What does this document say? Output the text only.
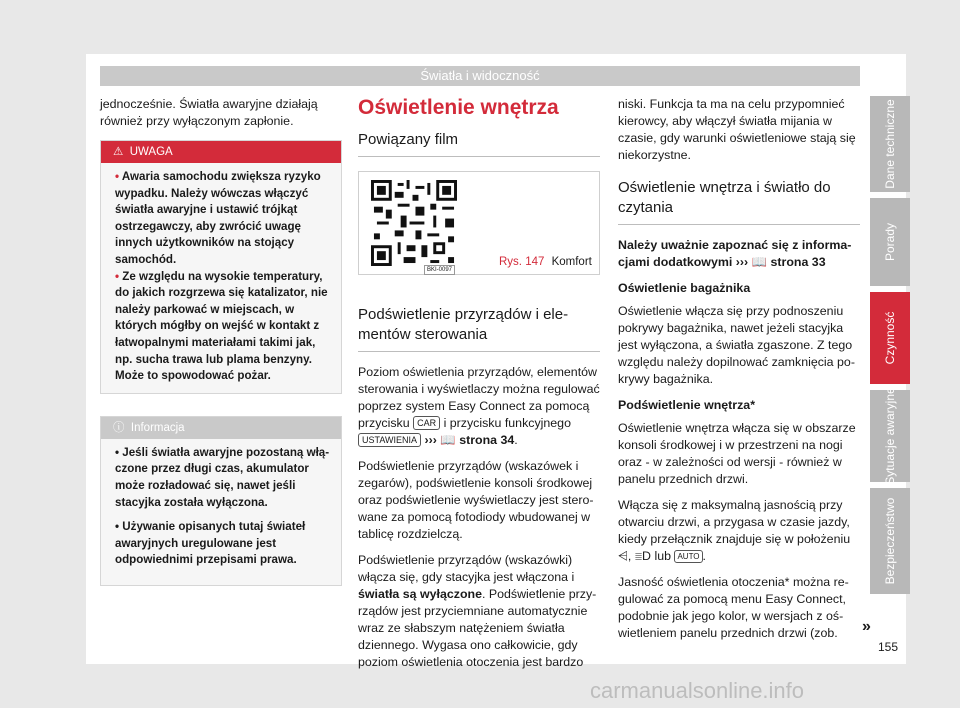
Światła i widoczność

jednocześnie. Światła awaryjne działają również przy wyłączonym zapłonie.

⚠ UWAGA
• Awaria samochodu zwiększa ryzyko wypadku. Należy wówczas włączyć światła awaryjne i ustawić trójkąt ostrzegawczy, aby zwrócić uwagę innych użytkowników na stojący samochód.
• Ze względu na wysokie temperatury, do jakich rozgrzewa się katalizator, nie należy parkować w miejscach, w których mógłby on wejść w kontakt z łatwopalnymi materiałami takimi jak, np. sucha trawa lub plama benzyny. Może to spowodować pożar.
ⓘ Informacja
• Jeśli światła awaryjne pozostaną włączone przez długi czas, akumulator może rozładować się, nawet jeśli stacyjka została wyłączona.
• Używanie opisanych tutaj świateł awaryjnych uregulowane jest odpowiednimi przepisami prawa.
Oświetlenie wnętrza
Powiązany film
BKI-0097
Rys. 147 Komfort
Podświetlenie przyrządów i elementów sterowania

Poziom oświetlenia przyrządów, elementów sterowania i wyświetlaczy można regulować poprzez system Easy Connect za pomocą przycisku CAR i przycisku funkcyjnego USTAWIENIA ››› 📖 strona 34.

Podświetlenie przyrządów (wskazówek i zegarów), podświetlenie konsoli środkowej oraz podświetlenie wyświetlaczy jest sterowane za pomocą fotodiody wbudowanej w tablicę rozdzielczą.

Podświetlenie przyrządów (wskazówki) włącza się, gdy stacyjka jest włączona i światła są wyłączone. Podświetlenie przyrządów jest przyciemniane automatycznie wraz ze słabszym natężeniem światła dziennego. Wygasa ono całkowicie, gdy poziom oświetlenia otoczenia jest bardzo

niski. Funkcja ta ma na celu przypomnieć kierowcy, aby włączył światła mijania w czasie, gdy warunki oświetleniowe stają się niekorzystne.

Oświetlenie wnętrza i światło do czytania

Należy uważnie zapoznać się z informacjami dodatkowymi ››› 📖 strona 33

Oświetlenie bagażnika

Oświetlenie włącza się przy podnoszeniu pokrywy bagażnika, nawet jeżeli stacyjka jest wyłączona, a światła zgaszone. Z tego względu należy dopilnować zamknięcia pokrywy bagażnika.

Podświetlenie wnętrza*

Oświetlenie wnętrza włącza się w obszarze konsoli środkowej i w przestrzeni na nogi oraz - w zależności od wersji - również w panelu przednich drzwi.

Włącza się z maksymalną jasnością przy otwarciu drzwi, a przygasa w czasie jazdy, kiedy przełącznik znajduje się w położeniu ⩤, ≣D lub AUTO .

Jasność oświetlenia otoczenia* można regulować za pomocą menu Easy Connect, podobnie jak jego kolor, w wersjach z oświetleniem panelu przednich drzwi (zob.

Dane techniczne
Porady
Czynność
Sytuacje awaryjne
Bezpieczeństwo
»
155
carmanualsonline.info
